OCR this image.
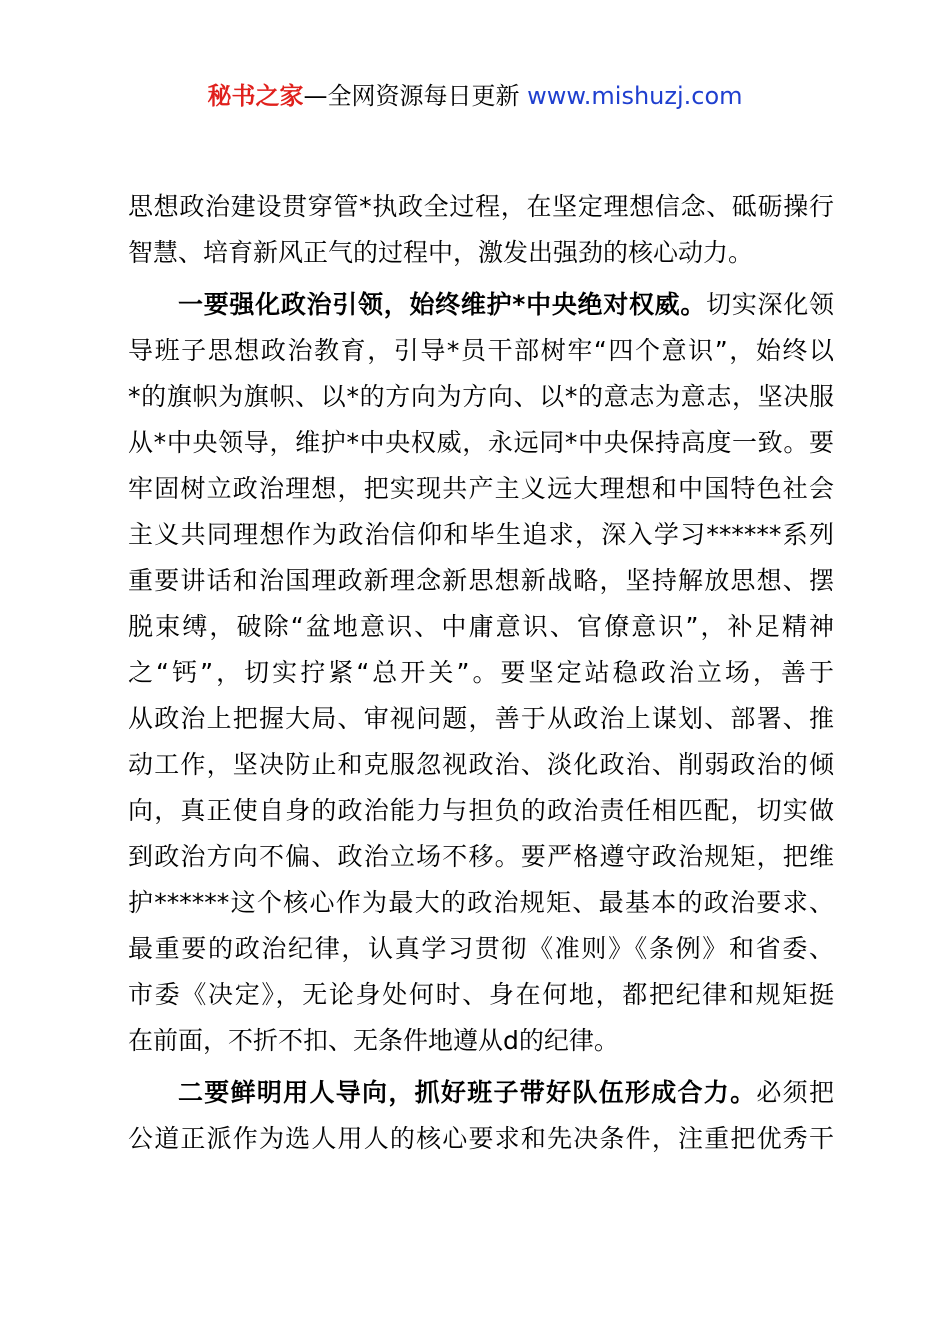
秘书之家—全网资源每日更新 www.mishuzj.com
思想政治建设贯穿管*执政全过程，在坚定理想信念、砥砺操行
智慧、培育新风正气的过程中，激发出强劲的核心动力。
一要强化政治引领，始终维护*中央绝对权威。切实深化领
导班子思想政治教育，引导*员干部树牢“四个意识”，始终以
*的旗帜为旗帜、以*的方向为方向、以*的意志为意志，坚决服
从*中央领导，维护*中央权威，永远同*中央保持高度一致。要
牢固树立政治理想，把实现共产主义远大理想和中国特色社会
主义共同理想作为政治信仰和毕生追求，深入学习******系列
重要讲话和治国理政新理念新思想新战略，坚持解放思想、摆
脱束缚，破除“盆地意识、中庸意识、官僚意识”，补足精神
之“钙”，切实拧紧“总开关”。要坚定站稳政治立场，善于
从政治上把握大局、审视问题，善于从政治上谋划、部署、推
动工作，坚决防止和克服忽视政治、淡化政治、削弱政治的倾
向，真正使自身的政治能力与担负的政治责任相匹配，切实做
到政治方向不偏、政治立场不移。要严格遵守政治规矩，把维
护******这个核心作为最大的政治规矩、最基本的政治要求、
最重要的政治纪律，认真学习贯彻《准则》《条例》和省委、
市委《决定》，无论身处何时、身在何地，都把纪律和规矩挺
在前面，不折不扣、无条件地遵从d的纪律。
二要鲜明用人导向，抓好班子带好队伍形成合力。必须把
公道正派作为选人用人的核心要求和先决条件，注重把优秀干
